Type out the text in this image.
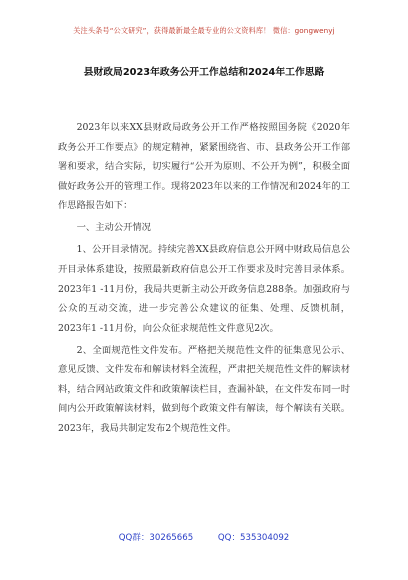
关注头条号“公文研究”，获得最新最全最专业的公文资料库！ 微信：gongwenyj
县财政局2023年政务公开工作总结和2024年工作思路

2023年以来XX县财政局政务公开工作严格按照国务院《2020年政务公开工作要点》的规定精神，紧紧围绕省、市、县政务公开工作部署和要求，结合实际，切实履行“公开为原则、不公开为例”，积极全面做好政务公开的管理工作。现将2023年以来的工作情况和2024年的工作思路报告如下：

一、主动公开情况

1、公开目录情况。持续完善XX县政府信息公开网中财政局信息公开目录体系建设，按照最新政府信息公开工作要求及时完善目录体系。2023年1 -11月份，我局共更新主动公开政务信息288条。加强政府与公众的互动交流，进一步完善公众建议的征集、处理、反馈机制，2023年1 -11月份，向公众征求规范性文件意见2次。

2、全面规范性文件发布。严格把关规范性文件的征集意见公示、意见反馈、文件发布和解读材料全流程，严肃把关规范性文件的解读材料，结合网站政策文件和政策解读栏目，查漏补缺，在文件发布同一时间内公开政策解读材料，做到每个政策文件有解读，每个解读有关联。2023年，我局共制定发布2个规范性文件。

QQ群：30265665	QQ：535304092
